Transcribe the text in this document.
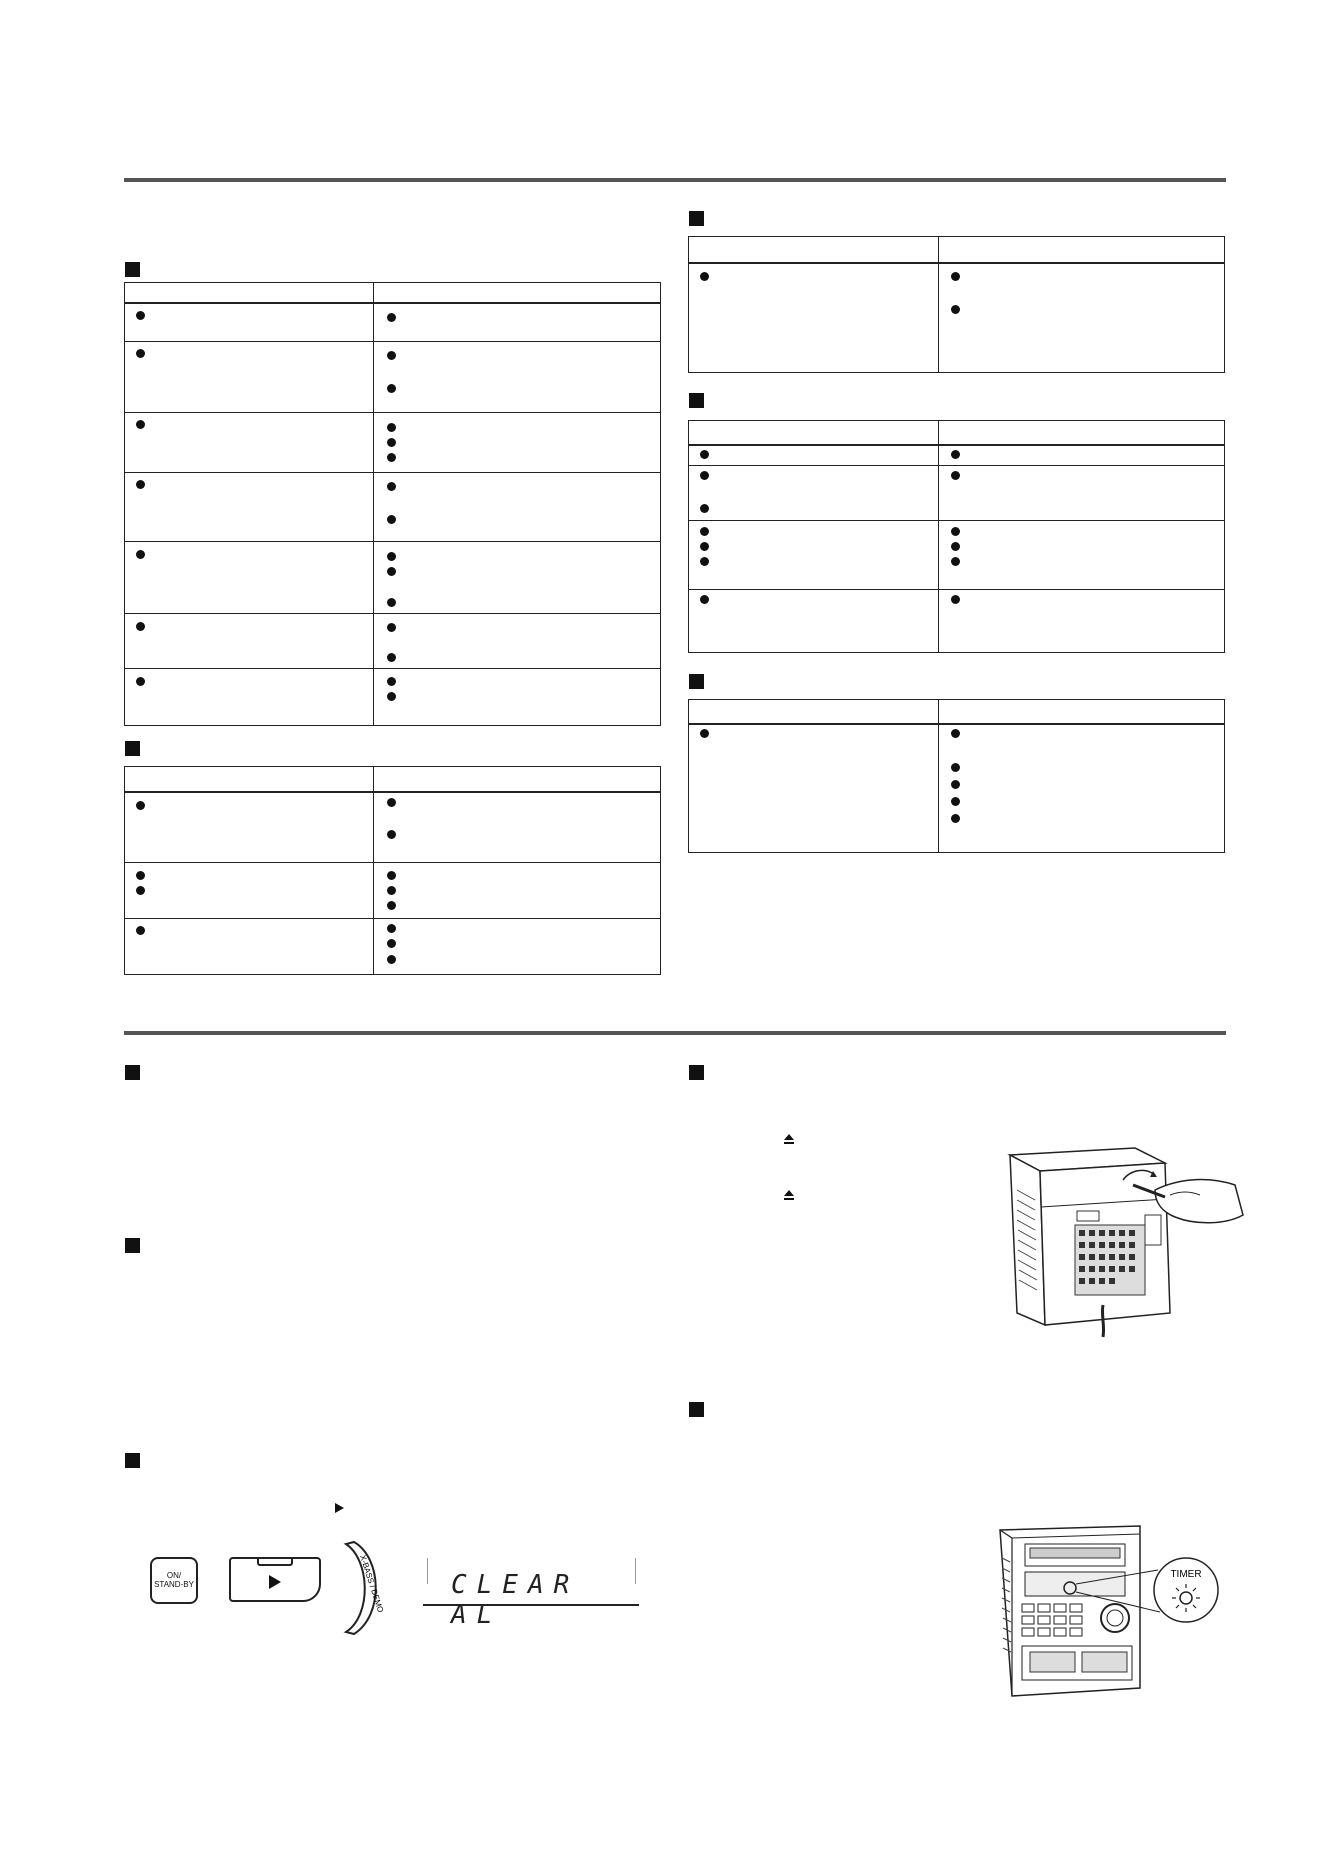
ON/
STAND-BY	X-BASS / DEMO	CLEAR AL
TIMER
